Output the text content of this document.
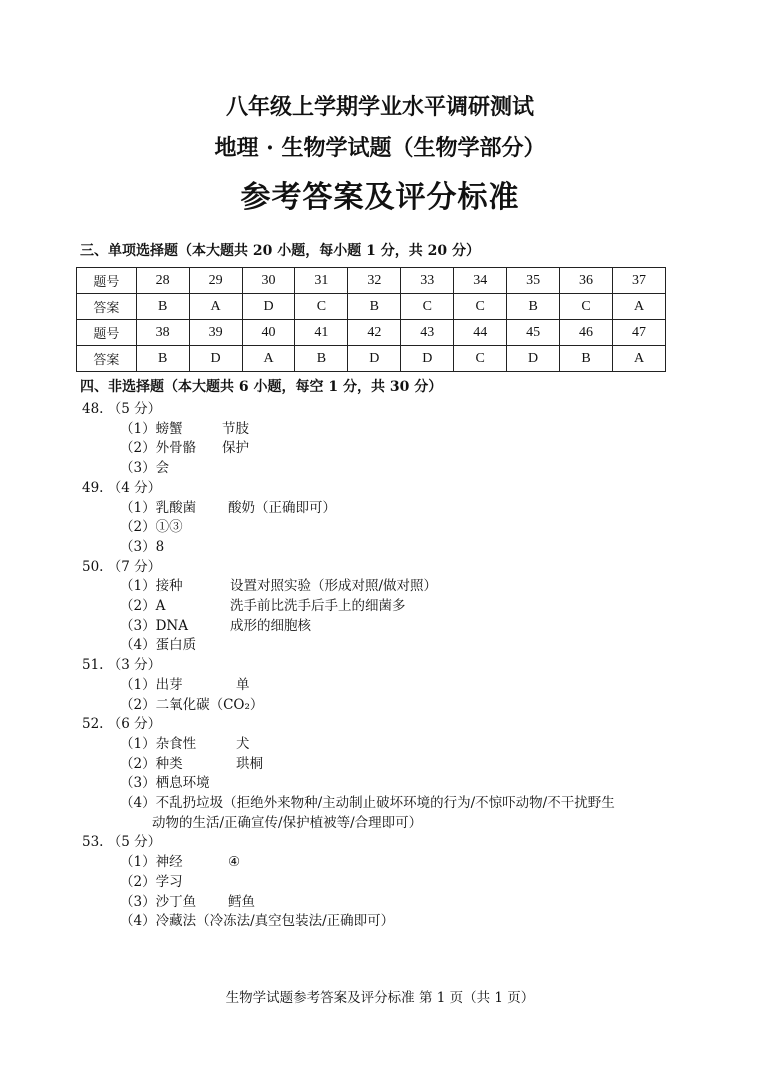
八年级上学期学业水平调研测试
地理 · 生物学试题（生物学部分）
参考答案及评分标准
三、单项选择题（本大题共 20 小题，每小题 1 分，共 20 分）
题号	28	29	30	31	32	33	34	35	36	37
答案	B	A	D	C	B	C	C	B	C	A
题号	38	39	40	41	42	43	44	45	46	47
答案	B	D	A	B	D	D	C	D	B	A
四、非选择题（本大题共 6 小题，每空 1 分，共 30 分）
48. （5 分）
（1）螃蟹	节肢
（2）外骨骼 保护
（3）会
49. （4 分）
（1）乳酸菌 酸奶（正确即可）
（2）①③
（3）8
50. （7 分）
（1）接种	设置对照实验（形成对照/做对照）
（2）A	洗手前比洗手后手上的细菌多
（3）DNA	成形的细胞核
（4）蛋白质
51. （3 分）
（1）出芽	单
（2）二氧化碳（CO₂）
52. （6 分）
（1）杂食性	犬
（2）种类	珙桐
（3）栖息环境
（4）不乱扔垃圾（拒绝外来物种/主动制止破坏环境的行为/不惊吓动物/不干扰野生
动物的生活/正确宣传/保护植被等/合理即可）
53. （5 分）
（1）神经	④
（2）学习
（3）沙丁鱼 鳕鱼
（4）冷藏法（冷冻法/真空包装法/正确即可）
生物学试题参考答案及评分标准 第 1 页（共 1 页）
